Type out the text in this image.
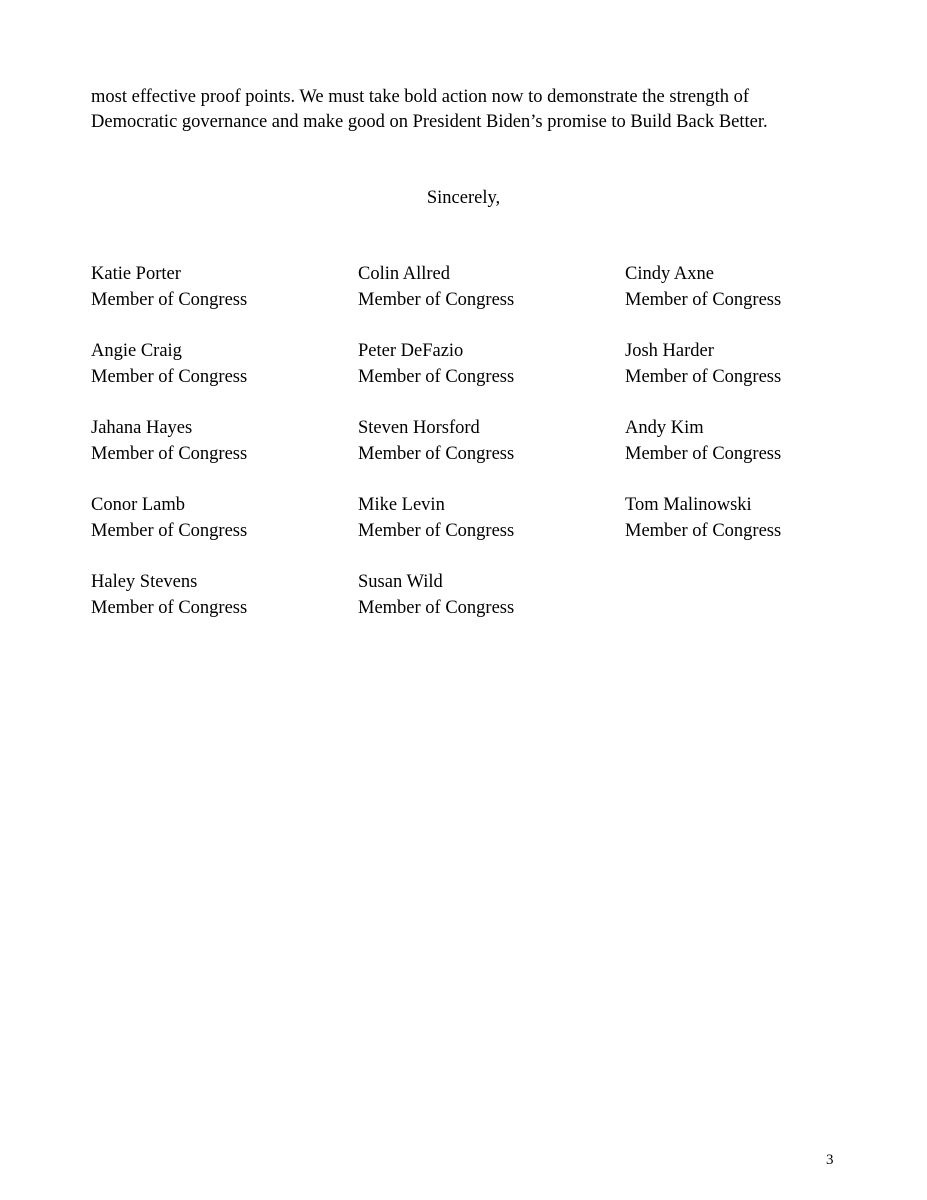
most effective proof points. We must take bold action now to demonstrate the strength of
Democratic governance and make good on President Biden’s promise to Build Back Better.

Sincerely,

Katie Porter
Member of Congress
Colin Allred
Member of Congress
Cindy Axne
Member of Congress
Angie Craig
Member of Congress
Peter DeFazio
Member of Congress
Josh Harder
Member of Congress
Jahana Hayes
Member of Congress
Steven Horsford
Member of Congress
Andy Kim
Member of Congress
Conor Lamb
Member of Congress
Mike Levin
Member of Congress
Tom Malinowski
Member of Congress
Haley Stevens
Member of Congress
Susan Wild
Member of Congress
3
